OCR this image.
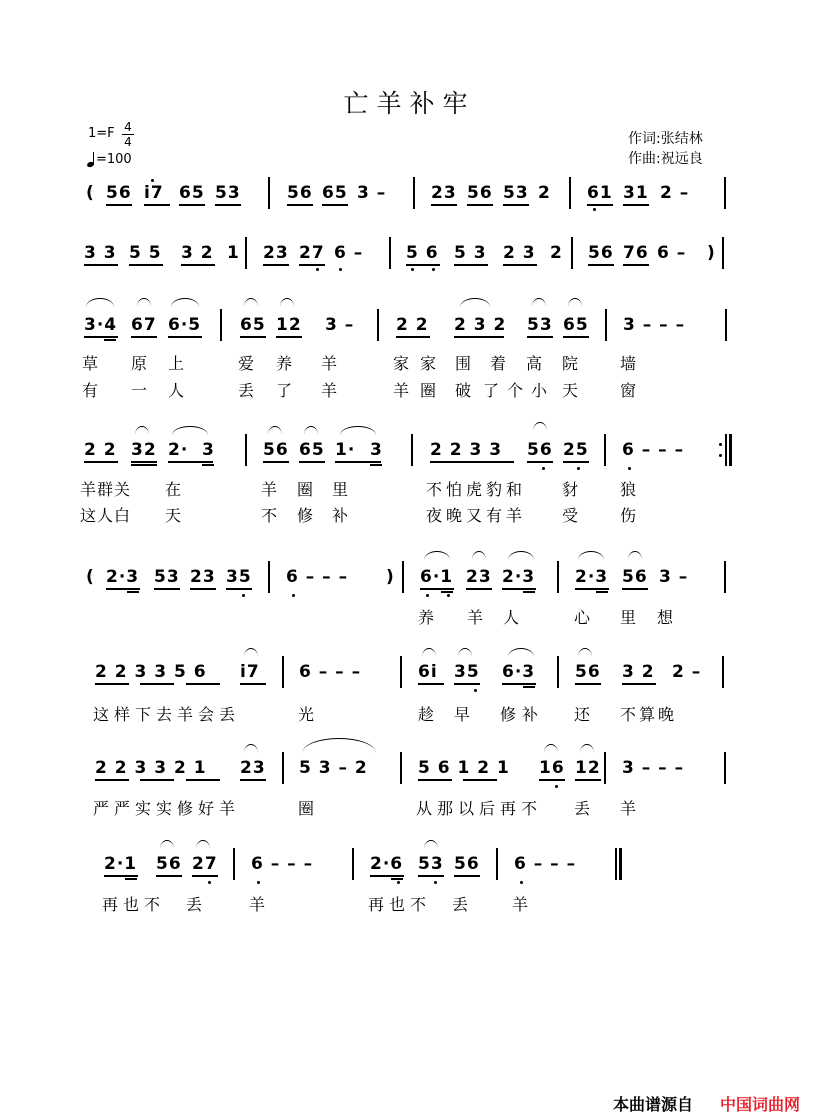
亡羊补牢
1=F 4
4
=100
作词:张结林
作曲:祝远良
( 56 i7 65 53	56 65 3 –	23 56 53 2 61 31 2 –
3 3 5 5 3 2 1 23 27 6 –	5 6 5 3 2 3 2 56 76 6 – )
3·4 67 6·5 65 12 3 – 2 2 2 3 2 53 65 3 – – –
草 原 上	爱 养 羊	家 家 围 着 高 院	墙
有 一 人	丢 了 羊	羊 圈 破 了 个 小 天	窗
2 2 32 2· 3	56 65 1· 3	2 2 3 3 56 25 6 – – –
羊群关 在	羊 圈 里	不怕虎豹和 豺	狼
这人白 天	不 修 补	夜晚又有羊 受	伤
( 2·3 53 23 35 6 – – – ) 6·1 23 2·3 2·3 56 3 –
养 羊 人	心 里 想
2 2 3 3 5 6 i7 6 – – –	6i 35 6·3 56 3 2 2 –
这样下去羊会丢	光	趁 早 修 补 还 不算晚
2 2 3 3 2 1 23 5 3 – 2	5 6 1 2 1 16 12 3 – – –
严严实实修好羊	圈	从那以后再不 丢 羊
2·1 56 27 6 – – –	2·6 53 56 6 – – –
再也不 丢	羊	再也不 丢	羊
本曲谱源自 中国词曲网
